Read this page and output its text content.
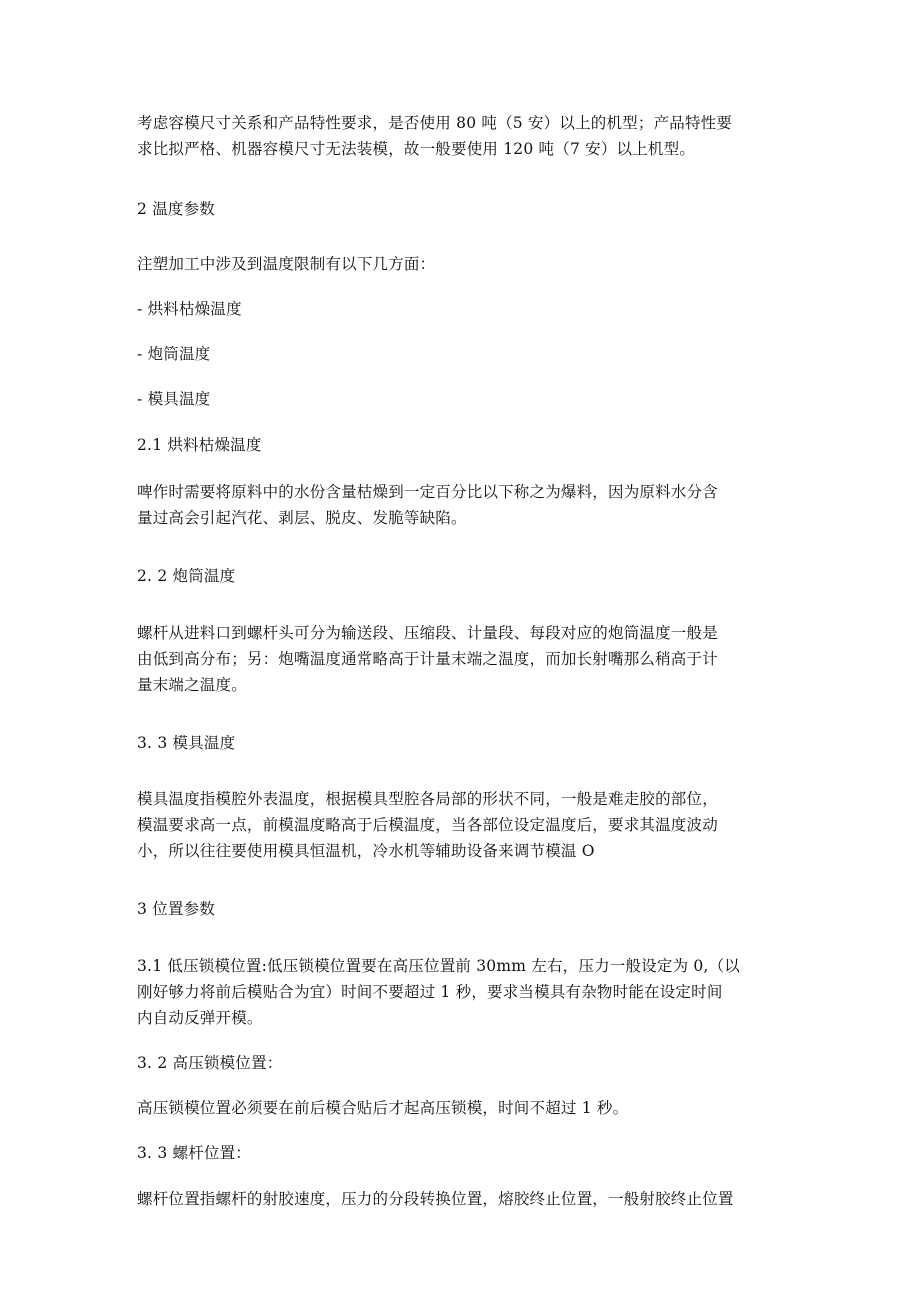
考虑容模尺寸关系和产品特性要求，是否使用 80 吨（5 安）以上的机型；产品特性要
求比拟严格、机器容模尺寸无法装模，故一般要使用 120 吨（7 安）以上机型。
2 温度参数
注塑加工中涉及到温度限制有以下几方面：
- 烘料枯燥温度
- 炮筒温度
- 模具温度
2.1 烘料枯燥温度
啤作时需要将原料中的水份含量枯燥到一定百分比以下称之为爆料，因为原料水分含
量过高会引起汽花、剥层、脱皮、发脆等缺陷。
2. 2 炮筒温度
螺杆从进料口到螺杆头可分为输送段、压缩段、计量段、每段对应的炮筒温度一般是
由低到高分布；另：炮嘴温度通常略高于计量末端之温度，而加长射嘴那么稍高于计
量末端之温度。
3. 3 模具温度
模具温度指模腔外表温度，根据模具型腔各局部的形状不同，一般是难走胶的部位，
模温要求高一点，前模温度略高于后模温度，当各部位设定温度后，要求其温度波动
小，所以往往要使用模具恒温机，冷水机等辅助设备来调节模温 O
3 位置参数
3.1 低压锁模位置:低压锁模位置要在高压位置前 30mm 左右，压力一般设定为 0,（以
刚好够力将前后模贴合为宜）时间不要超过 1 秒，要求当模具有杂物时能在设定时间
内自动反弹开模。
3. 2 高压锁模位置：
高压锁模位置必须要在前后模合贴后才起高压锁模，时间不超过 1 秒。
3. 3 螺杆位置：
螺杆位置指螺杆的射胶速度，压力的分段转换位置，熔胶终止位置，一般射胶终止位置
